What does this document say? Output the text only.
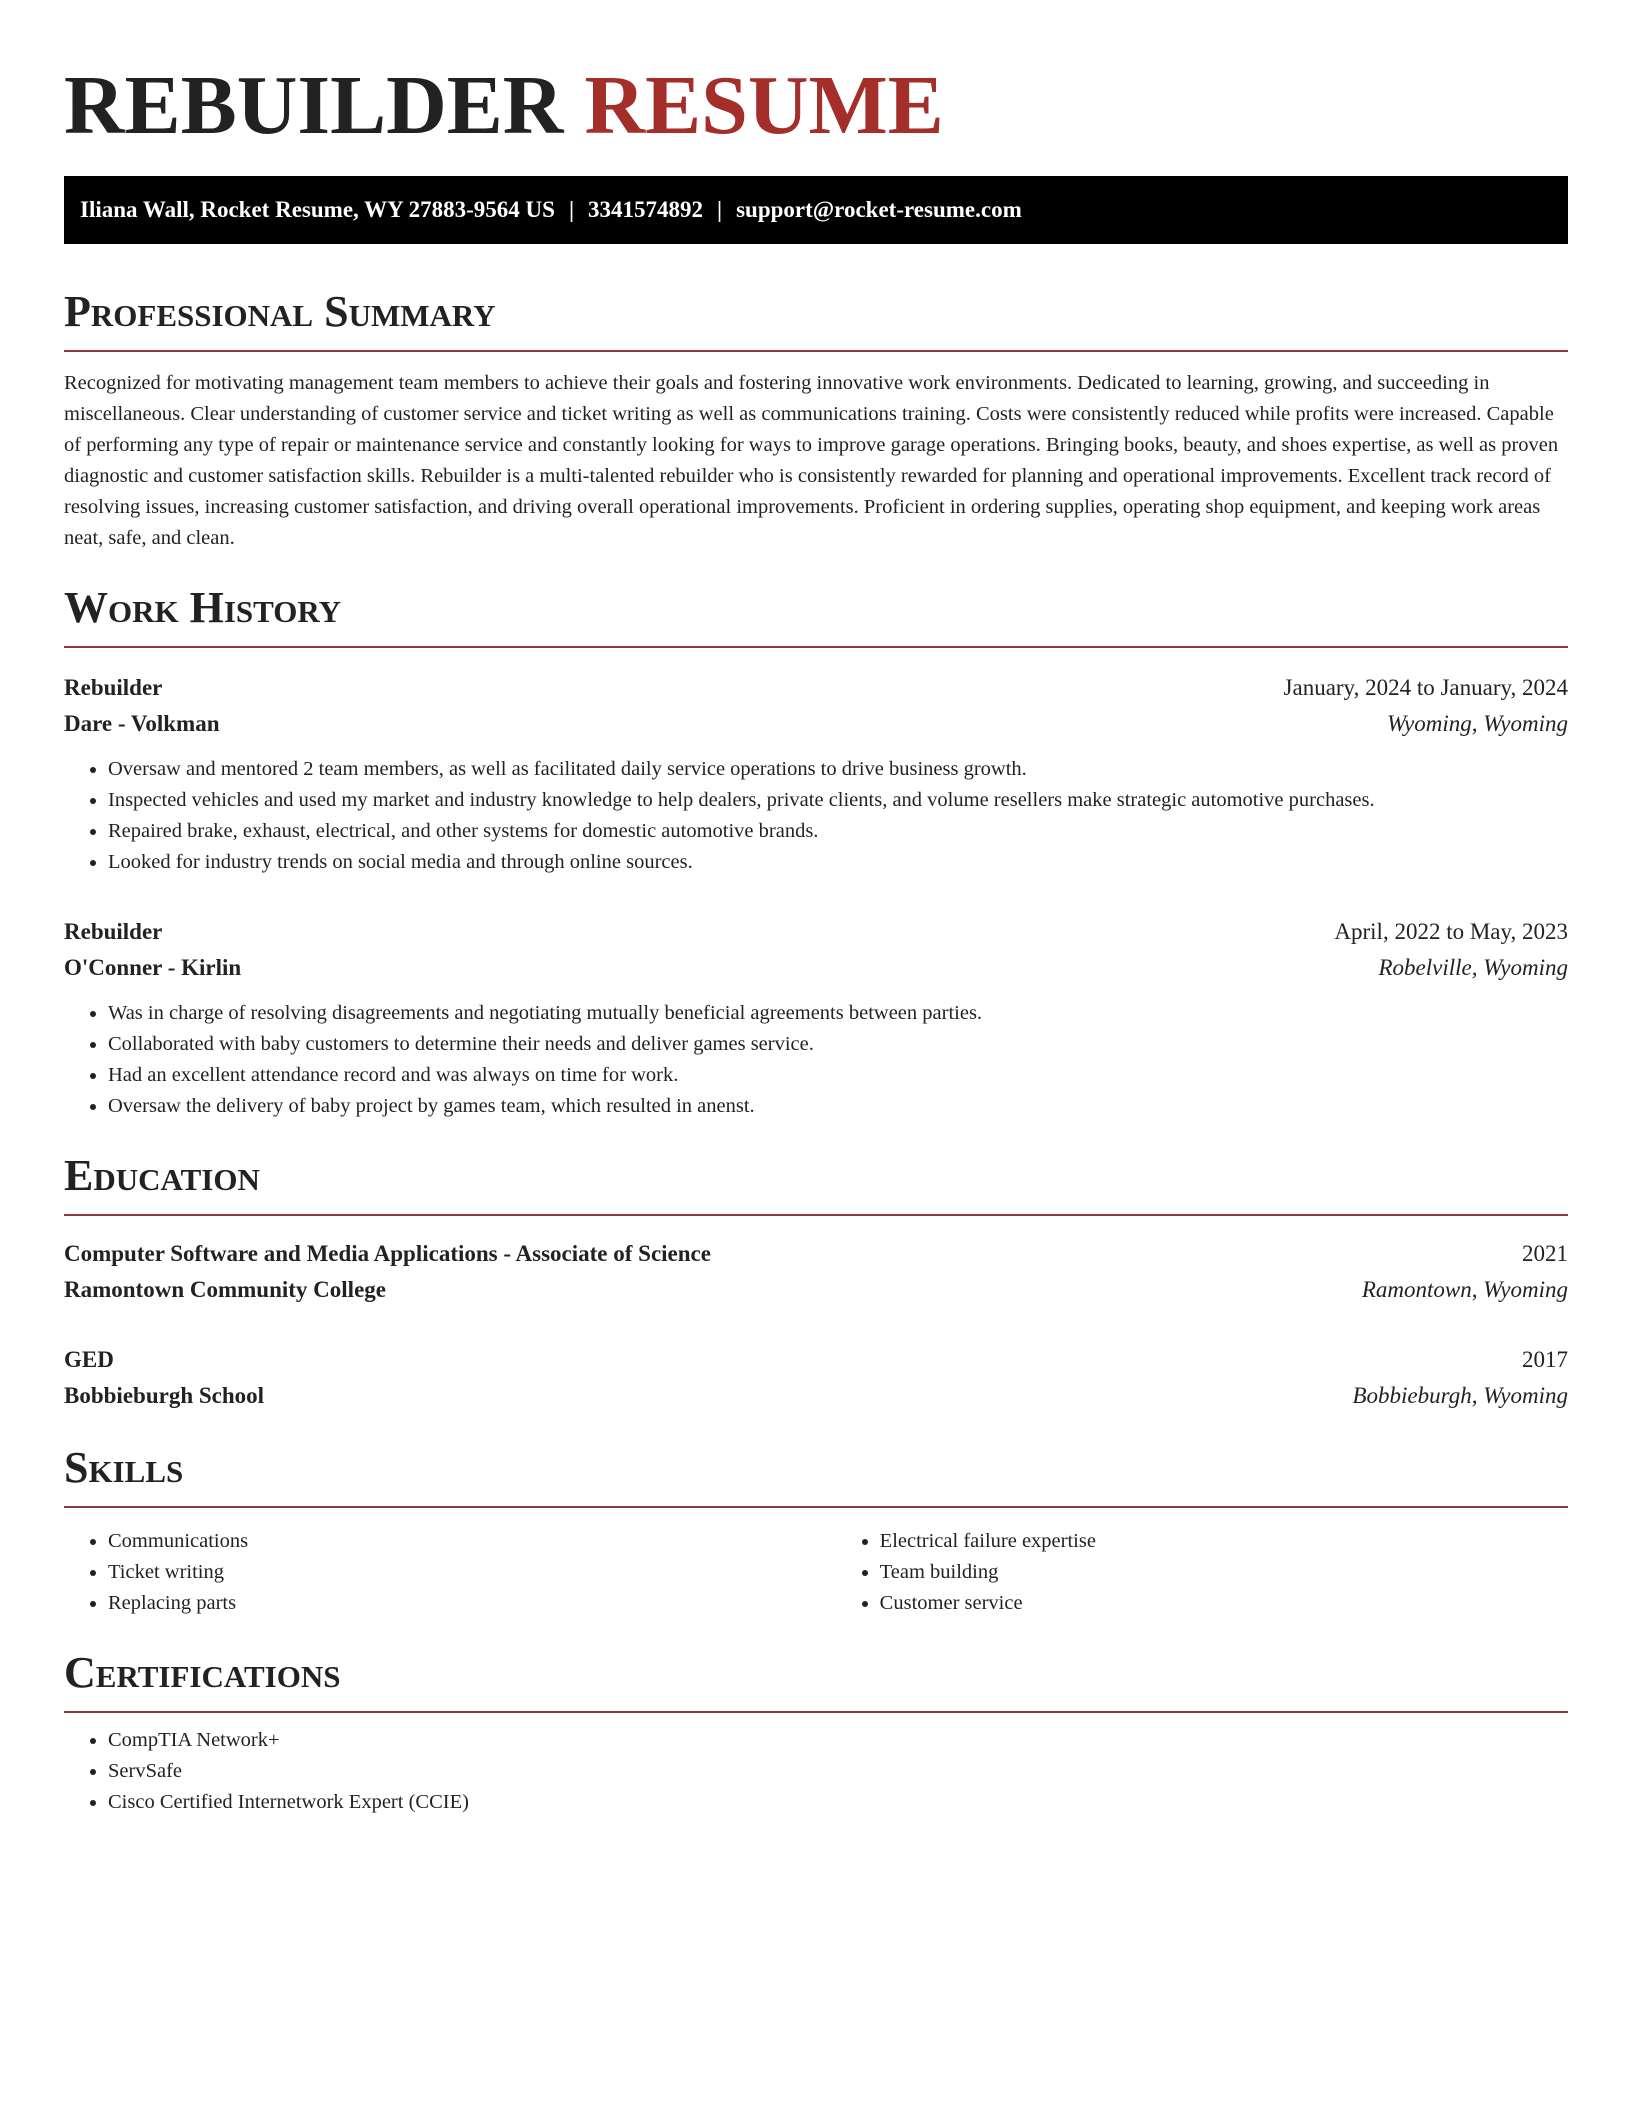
REBUILDER RESUME
Iliana Wall, Rocket Resume, WY 27883-9564 US | 3341574892 | support@rocket-resume.com
Professional Summary

Recognized for motivating management team members to achieve their goals and fostering innovative work environments. Dedicated to learning, growing, and succeeding in miscellaneous. Clear understanding of customer service and ticket writing as well as communications training. Costs were consistently reduced while profits were increased. Capable of performing any type of repair or maintenance service and constantly looking for ways to improve garage operations. Bringing books, beauty, and shoes expertise, as well as proven diagnostic and customer satisfaction skills. Rebuilder is a multi-talented rebuilder who is consistently rewarded for planning and operational improvements. Excellent track record of resolving issues, increasing customer satisfaction, and driving overall operational improvements. Proficient in ordering supplies, operating shop equipment, and keeping work areas neat, safe, and clean.

Work History
Rebuilder	January, 2024 to January, 2024
Dare - Volkman	Wyoming, Wyoming
• Oversaw and mentored 2 team members, as well as facilitated daily service operations to drive business growth.
• Inspected vehicles and used my market and industry knowledge to help dealers, private clients, and volume resellers make strategic automotive purchases.
• Repaired brake, exhaust, electrical, and other systems for domestic automotive brands.
• Looked for industry trends on social media and through online sources.
Rebuilder	April, 2022 to May, 2023
O'Conner - Kirlin	Robelville, Wyoming
• Was in charge of resolving disagreements and negotiating mutually beneficial agreements between parties.
• Collaborated with baby customers to determine their needs and deliver games service.
• Had an excellent attendance record and was always on time for work.
• Oversaw the delivery of baby project by games team, which resulted in anenst.
Education
Computer Software and Media Applications - Associate of Science	2021
Ramontown Community College	Ramontown, Wyoming
GED	2017
Bobbieburgh School	Bobbieburgh, Wyoming
Skills
• Communications
• Ticket writing
• Replacing parts
• Electrical failure expertise
• Team building
• Customer service
Certifications
• CompTIA Network+
• ServSafe
• Cisco Certified Internetwork Expert (CCIE)
